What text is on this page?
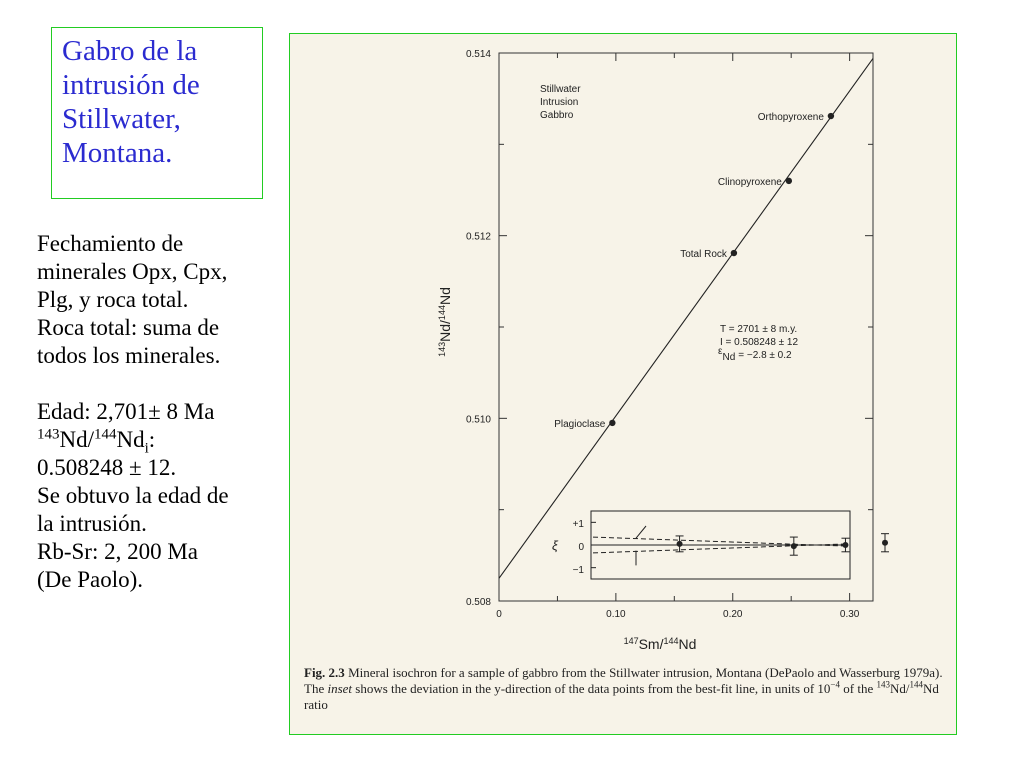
Gabro de la
intrusión de
Stillwater,
Montana.

Fechamiento de

minerales Opx, Cpx,

Plg, y roca total.

Roca total: suma de

todos los minerales.

Edad: 2,701± 8 Ma

$^{143}Nd/^{144}Nd_i$:

0.508248 ± 12.

Se obtuvo la edad de

la intrusión.

Rb-Sr: 2, 200 Ma

(De Paolo).

$^{143}$Nd/$^{144}$Nd
$^{147}$Sm/$^{144}$Nd
Stillwater
Intrusion
Gabbro
T = 2701 ± 8 m.y.
I = 0.508248 ± 12
εNd = −2.8 ± 0.2
ξ
+1
0
−1
0.508
0.510
0.512
0.514
0	0.10	0.20	0.30
Plagioclase
Total Rock
Clinopyroxene
Orthopyroxene
Fig. 2.3 Mineral isochron for a sample of gabbro from the Stillwater intrusion, Montana (DePaolo and Wasserburg 1979a). The inset shows the deviation in the y-direction of the data points from the best-fit line, in units of $10^{-4}$ of the $^{143}$Nd/$^{144}$Nd ratio
